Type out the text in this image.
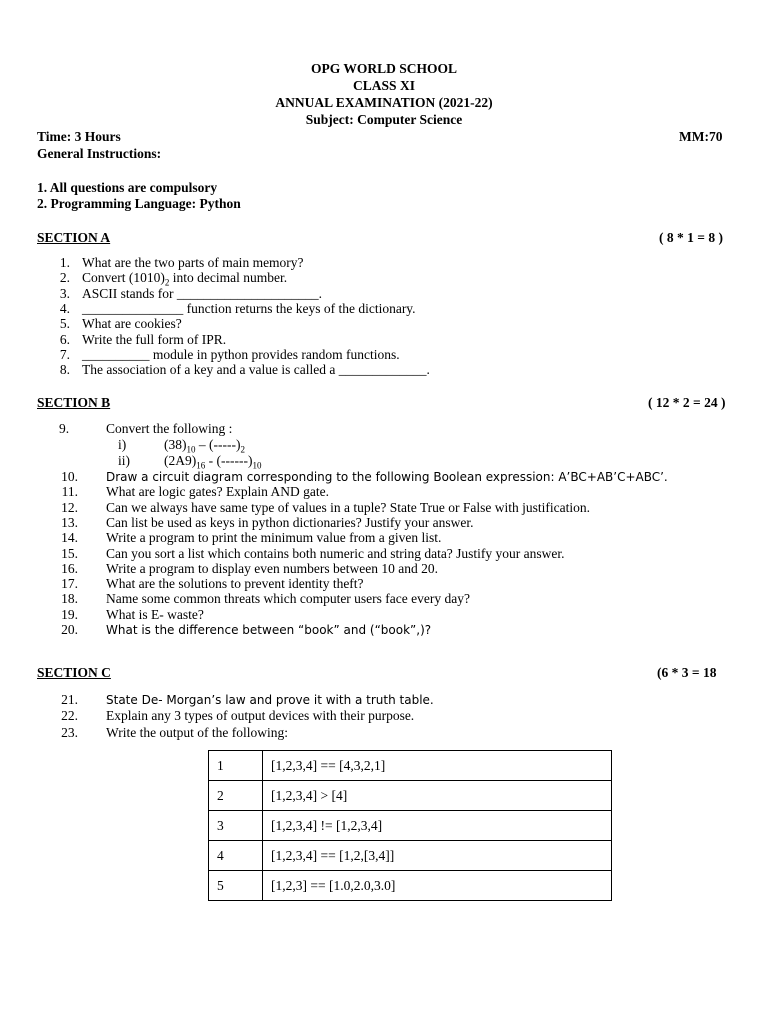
OPG WORLD SCHOOL
CLASS XI
ANNUAL EXAMINATION (2021-22)
Subject: Computer Science
Time: 3 Hours	MM:70
General Instructions:
1. All questions are compulsory
2. Programming Language: Python
SECTION A	( 8 * 1 = 8 )
1. What are the two parts of main memory?
2. Convert $(1010)_2$ into decimal number.
3. ASCII stands for _____________________.
4. _______________ function returns the keys of the dictionary.
5. What are cookies?
6. Write the full form of IPR.
7. __________ module in python provides random functions.
8. The association of a key and a value is called a _____________.
SECTION B	( 12 * 2 = 24 )
9.	Convert the following :
i)	$(38)_{10} - (-----)_2$
ii)	$(2A9)_{16} - (------)_{10}$
10. Draw a circuit diagram corresponding to the following Boolean expression: A’BC+AB’C+ABC’.
11. What are logic gates? Explain AND gate.
12. Can we always have same type of values in a tuple? State True or False with justification.
13. Can list be used as keys in python dictionaries? Justify your answer.
14. Write a program to print the minimum value from a given list.
15. Can you sort a list which contains both numeric and string data? Justify your answer.
16. Write a program to display even numbers between 10 and 20.
17. What are the solutions to prevent identity theft?
18. Name some common threats which computer users face every day?
19. What is E- waste?
20. What is the difference between “book” and (“book”,)?
SECTION C	(6 * 3 = 18
21. State De- Morgan’s law and prove it with a truth table.
22. Explain any 3 types of output devices with their purpose.
23. Write the output of the following:
1	[1,2,3,4] == [4,3,2,1]
2	[1,2,3,4] > [4]
3	[1,2,3,4] != [1,2,3,4]
4	[1,2,3,4] == [1,2,[3,4]]
5	[1,2,3] == [1.0,2.0,3.0]
